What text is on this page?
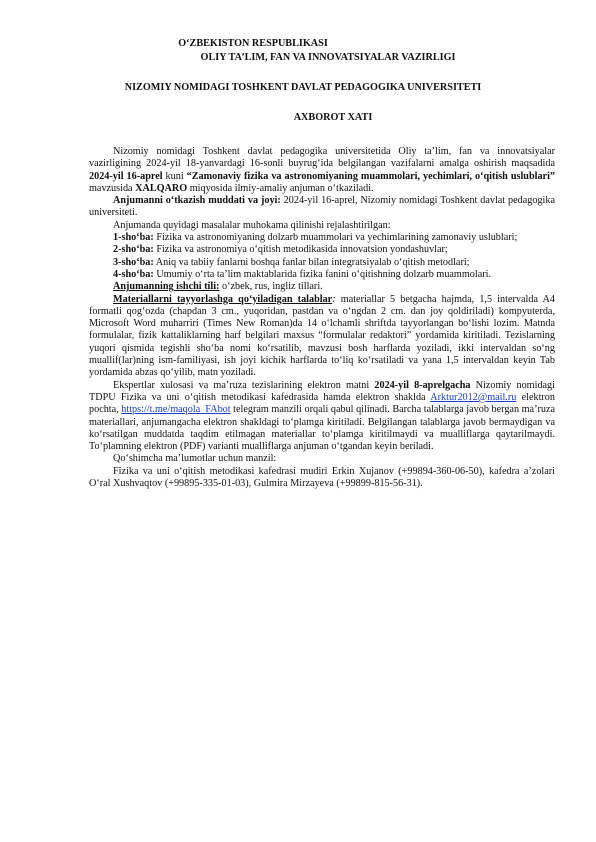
O‘ZBEKISTON RESPUBLIKASI
OLIY TA’LIM, FAN VA INNOVATSIYALAR VAZIRLIGI
NIZOMIY NOMIDAGI TOSHKENT DAVLAT PEDAGOGIKA UNIVERSITETI
AXBOROT XATI

Nizomiy nomidagi Toshkent davlat pedagogika universitetida Oliy ta’lim, fan va innovatsiyalar vazirligining 2024-yil 18-yanvardagi 16-sonli buyrug‘ida belgilangan vazifalarni amalga oshirish maqsadida 2024-yil 16-aprel kuni “Zamonaviy fizika va astronomiyaning muammolari, yechimlari, o‘qitish uslublari” mavzusida XALQARO miqyosida ilmiy-amaliy anjuman o‘tkaziladi.

Anjumanni o‘tkazish muddati va joyi: 2024-yil 16-aprel, Nizomiy nomidagi Toshkent davlat pedagogika universiteti.

Anjumanda quyidagi masalalar muhokama qilinishi rejalashtirilgan:

1-sho‘ba: Fizika va astronomiyaning dolzarb muammolari va yechimlarining zamonaviy uslublari;

2-sho‘ba: Fizika va astronomiya o‘qitish metodikasida innovatsion yondashuvlar;

3-sho‘ba: Aniq va tabiiy fanlarni boshqa fanlar bilan integratsiyalab o‘qitish metodlari;

4-sho‘ba: Umumiy o‘rta ta’lim maktablarida fizika fanini o‘qitishning dolzarb muammolari.

Anjumanning ishchi tili: o‘zbek, rus, ingliz tillari.

Materiallarni tayyorlashga qo‘yiladigan talablar: materiallar 5 betgacha hajmda, 1,5 intervalda A4 formatli qog‘ozda (chapdan 3 cm., yuqoridan, pastdan va o‘ngdan 2 cm. dan joy qoldiriladi) kompyuterda, Microsoft Word muharriri (Times New Roman)da 14 o‘lchamli shriftda tayyorlangan bo‘lishi lozim. Matnda formulalar, fizik kattaliklarning harf belgilari maxsus “formulalar redaktori” yordamida kiritiladi. Tezislarning yuqori qismida tegishli sho‘ba nomi ko‘rsatilib, mavzusi bosh harflarda yoziladi, ikki intervaldan so‘ng muallif(lar)ning ism-familiyasi, ish joyi kichik harflarda to‘liq ko‘rsatiladi va yana 1,5 intervaldan keyin Tab yordamida abzas qo‘yilib, matn yoziladi.

Ekspertlar xulosasi va ma’ruza tezislarining elektron matni 2024-yil 8-aprelgacha Nizomiy nomidagi TDPU Fizika va uni o‘qitish metodikasi kafedrasida hamda elektron shaklda Arktur2012@mail.ru elektron pochta, https://t.me/maqola_FAbot telegram manzili orqali qabul qilinadi. Barcha talablarga javob bergan ma’ruza materiallari, anjumangacha elektron shakldagi to‘plamga kiritiladi. Belgilangan talablarga javob bermaydigan va ko‘rsatilgan muddatda taqdim etilmagan materiallar to‘plamga kiritilmaydi va mualliflarga qaytarilmaydi. To‘plamning elektron (PDF) varianti mualliflarga anjuman o‘tgandan keyin beriladi.

Qo‘shimcha ma’lumotlar uchun manzil:

Fizika va uni o‘qitish metodikasi kafedrasi mudiri Erkin Xujanov (+99894-360-06-50), kafedra a’zolari O‘ral Xushvaqtov (+99895-335-01-03), Gulmira Mirzayeva (+99899-815-56-31).
